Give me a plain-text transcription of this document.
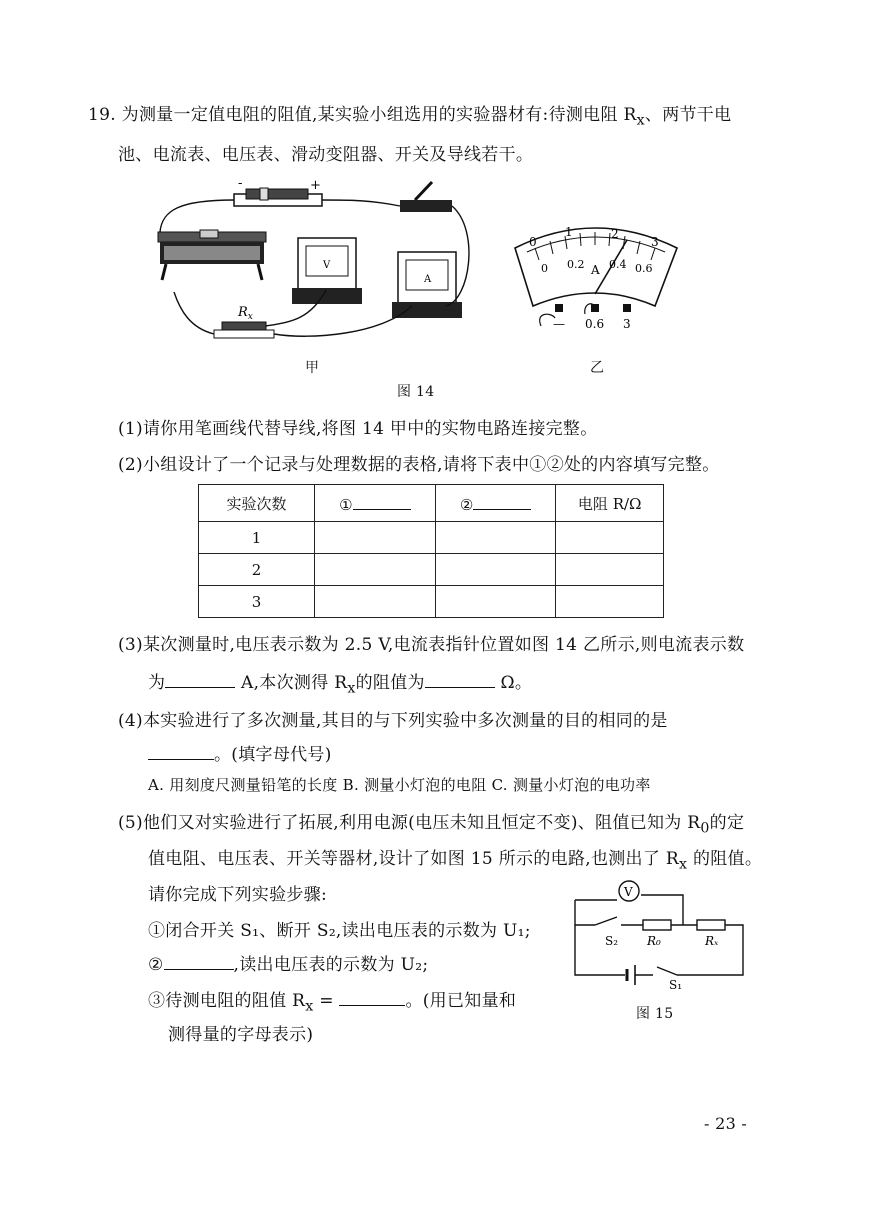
19. 为测量一定值电阻的阻值,某实验小组选用的实验器材有:待测电阻 $R_x$、两节干电
池、电流表、电压表、滑动变阻器、开关及导线若干。
-	+
V
A
$R_x$
0
1	2
3
0 0.2 0.4 0.6
A
— 0.6 3
甲	乙
图 14
(1)请你用笔画线代替导线,将图 14 甲中的实物电路连接完整。
(2)小组设计了一个记录与处理数据的表格,请将下表中①②处的内容填写完整。
实验次数	①	②	电阻 R/Ω
1			
2			
3			
(3)某次测量时,电压表示数为 2.5 V,电流表指针位置如图 14 乙所示,则电流表示数
为	A,本次测得 $R_x$的阻值为	Ω。
(4)本实验进行了多次测量,其目的与下列实验中多次测量的目的相同的是
。(填字母代号)
A. 用刻度尺测量铅笔的长度 B. 测量小灯泡的电阻 C. 测量小灯泡的电功率
(5)他们又对实验进行了拓展,利用电源(电压未知且恒定不变)、阻值已知为 $R_0$的定
值电阻、电压表、开关等器材,设计了如图 15 所示的电路,也测出了 $R_x$ 的阻值。
请你完成下列实验步骤:
①闭合开关 S₁、断开 S₂,读出电压表的示数为 U₁;
②	,读出电压表的示数为 U₂;
③待测电阻的阻值 $R_x$ =	。(用已知量和
测得量的字母表示)
V
S₂ R₀	Rₓ
S₁
图 15
- 23 -
